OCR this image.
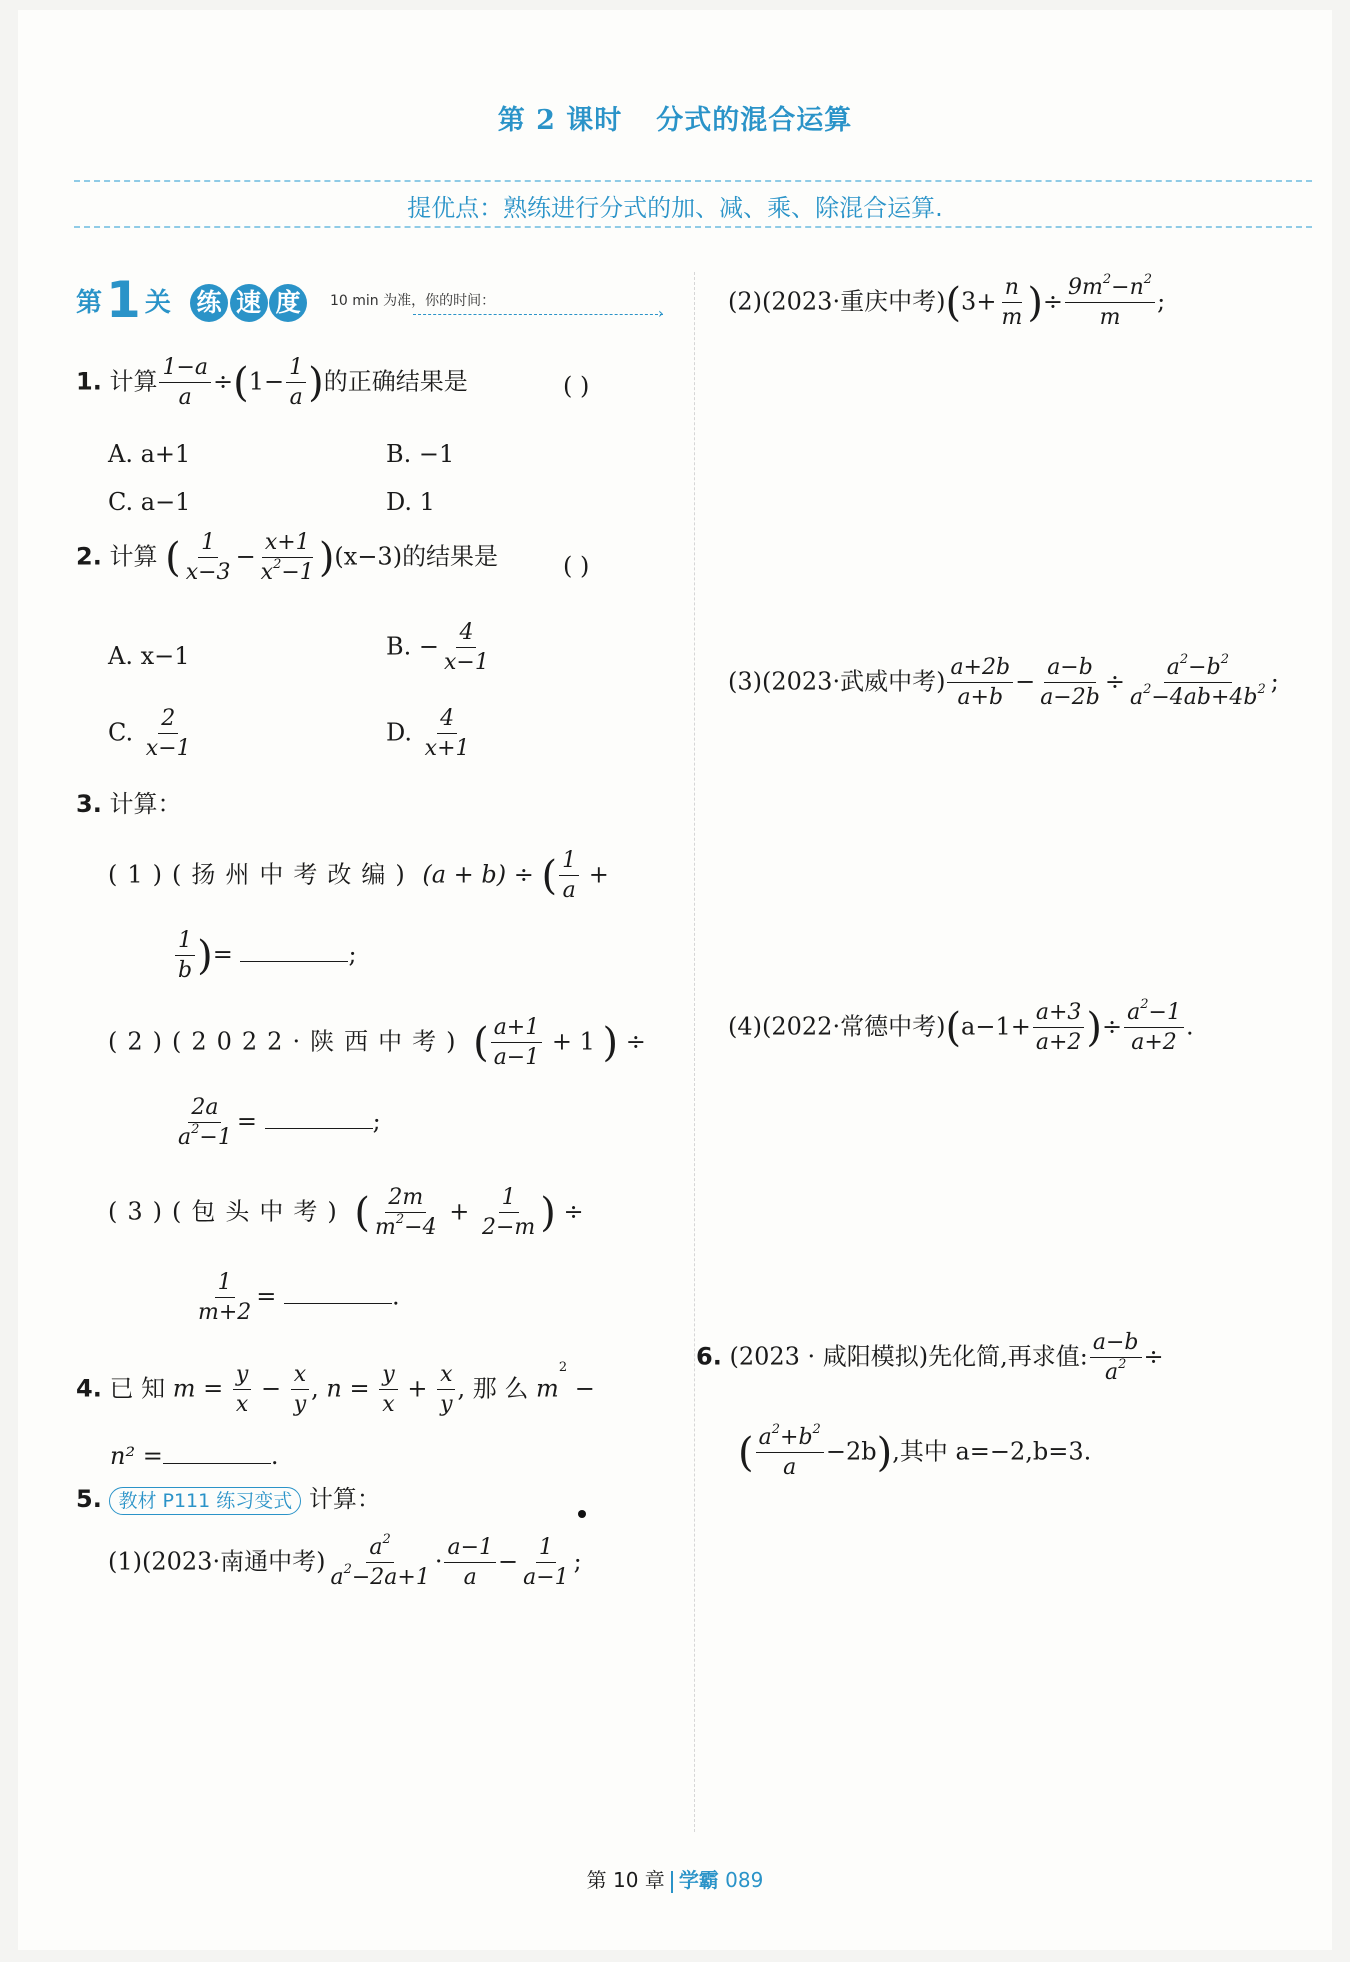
第 2 课时 分式的混合运算
提优点：熟练进行分式的加、减、乘、除混合运算.
第1 关 练 速 度	10 min 为准，你的时间：
›
1. 计算 $\frac{1-a}{a} \div(1- \frac{1}{a}$ )的正确结果是	( )
A. a+1	B. −1
C. a−1	D. 1
2. 计算 ( $\frac{1}{x-3} - \frac{x+1}{x^2-1} )(x-3)$的结果是	( )
A. x−1	B. − $\frac{4}{x-1}$
C. $\frac{2}{x-1}$	D. $\frac{4}{x+1}$
3. 计算：
(1)(扬州中考改编) (a + b) ÷ ( $\frac{1}{a}$ +
$\frac{1}{b}$ )=	;
(2)(2022·陕西中考) ( $\frac{a+1}{a-1} + 1$ ) ÷
$\frac{2a}{a^2-1}$ =	;
(3)(包头中考) ( $\frac{2m}{m^2-4} + \frac{1}{2-m}$ ) ÷
$\frac{1}{m+2}$ =	.
4. 已 知 $m = \frac{y}{x} - \frac{x}{y}$ , $n = \frac{y}{x} + \frac{x}{y}$ , 那 么 $m^2$ −
n² =	.
5. 教材 P111 练习变式 计算：
(1)(2023·南通中考) $\frac{a^2}{a^2-2a+1} \cdot \frac{a-1}{a} - \frac{1}{a-1}$ ;
(2)(2023·重庆中考)($3+ \frac{n}{m}$ )÷ $\frac{9m^2-n^2}{m}$ ;
(3)(2023·武威中考) $\frac{a+2b}{a+b} - \frac{a-b}{a-2b} \div \frac{a^2-b^2}{a^2-4ab+4b^2}$ ;
(4)(2022·常德中考)($a-1+ \frac{a+3}{a+2}$ )÷ $\frac{a^2-1}{a+2}$ .
6. (2023 · 咸阳模拟)先化简,再求值: $\frac{a-b}{a^2}$ ÷
( $\frac{a^2+b^2}{a} -2b$),其中 a=−2,b=3.
第 10 章 学霸 089
